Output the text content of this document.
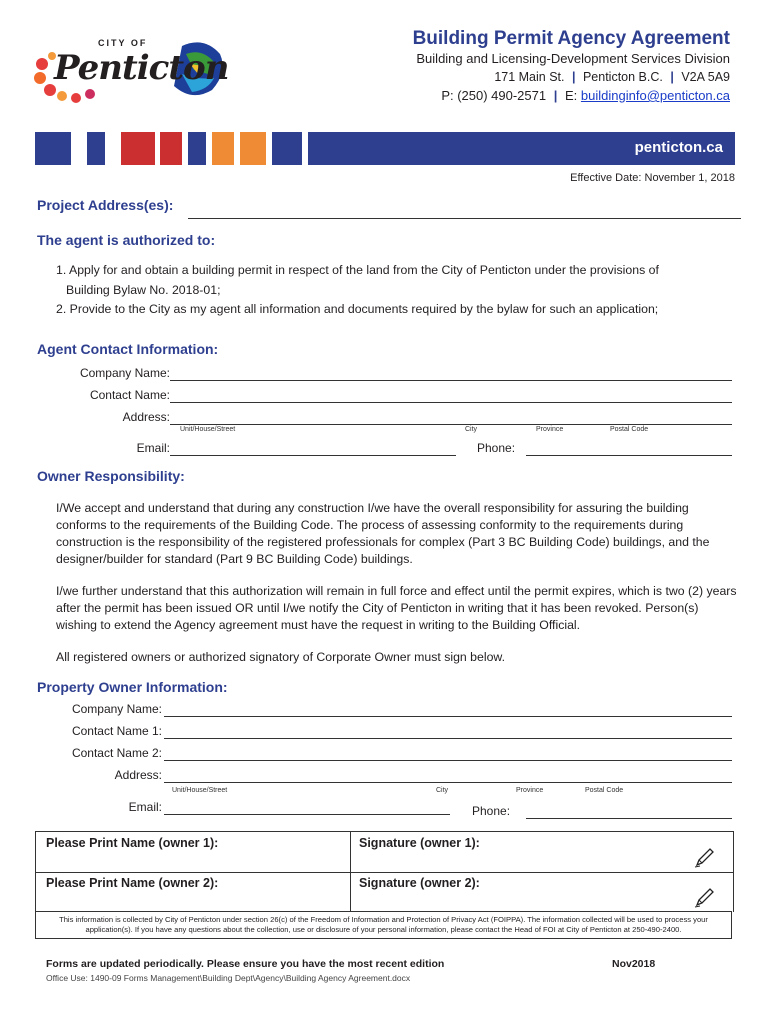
CITY OF
Penticton
Building Permit Agency Agreement
Building and Licensing-Development Services Division
171 Main St. | Penticton B.C. | V2A 5A9
P: (250) 490-2571 | E: buildinginfo@penticton.ca
penticton.ca
Effective Date: November 1, 2018
Project Address(es):
The agent is authorized to:
1. Apply for and obtain a building permit in respect of the land from the City of Penticton under the provisions of
Building Bylaw No. 2018-01;
2. Provide to the City as my agent all information and documents required by the bylaw for such an application;
Agent Contact Information:
Company Name:
Contact Name:
Address:
Unit/House/Street	City	Province	Postal Code
Email:	Phone:
Owner Responsibility:

I/We accept and understand that during any construction I/we have the overall responsibility for assuring the building conforms to the requirements of the Building Code. The process of assessing conformity to the requirements during construction is the responsibility of the registered professionals for complex (Part 3 BC Building Code) buildings, and the designer/builder for standard (Part 9 BC Building Code) buildings.

I/we further understand that this authorization will remain in full force and effect until the permit expires, which is two (2) years after the permit has been issued OR until I/we notify the City of Penticton in writing that it has been revoked. Person(s) wishing to extend the Agency agreement must have the request in writing to the Building Official.

All registered owners or authorized signatory of Corporate Owner must sign below.

Property Owner Information:
Company Name:
Contact Name 1:
Contact Name 2:
Address:
Unit/House/Street	City	Province	Postal Code
Email:	Phone:
Please Print Name (owner 1):	Signature (owner 1):
Please Print Name (owner 2):	Signature (owner 2):
This information is collected by City of Penticton under section 26(c) of the Freedom of Information and Protection of Privacy Act (FOIPPA). The information collected will be used to process your application(s). If you have any questions about the collection, use or disclosure of your personal information, please contact the Head of FOI at City of Penticton at 250-490-2400.
Forms are updated periodically. Please ensure you have the most recent edition	Nov2018
Office Use: 1490-09 Forms Management\Building Dept\Agency\Building Agency Agreement.docx
